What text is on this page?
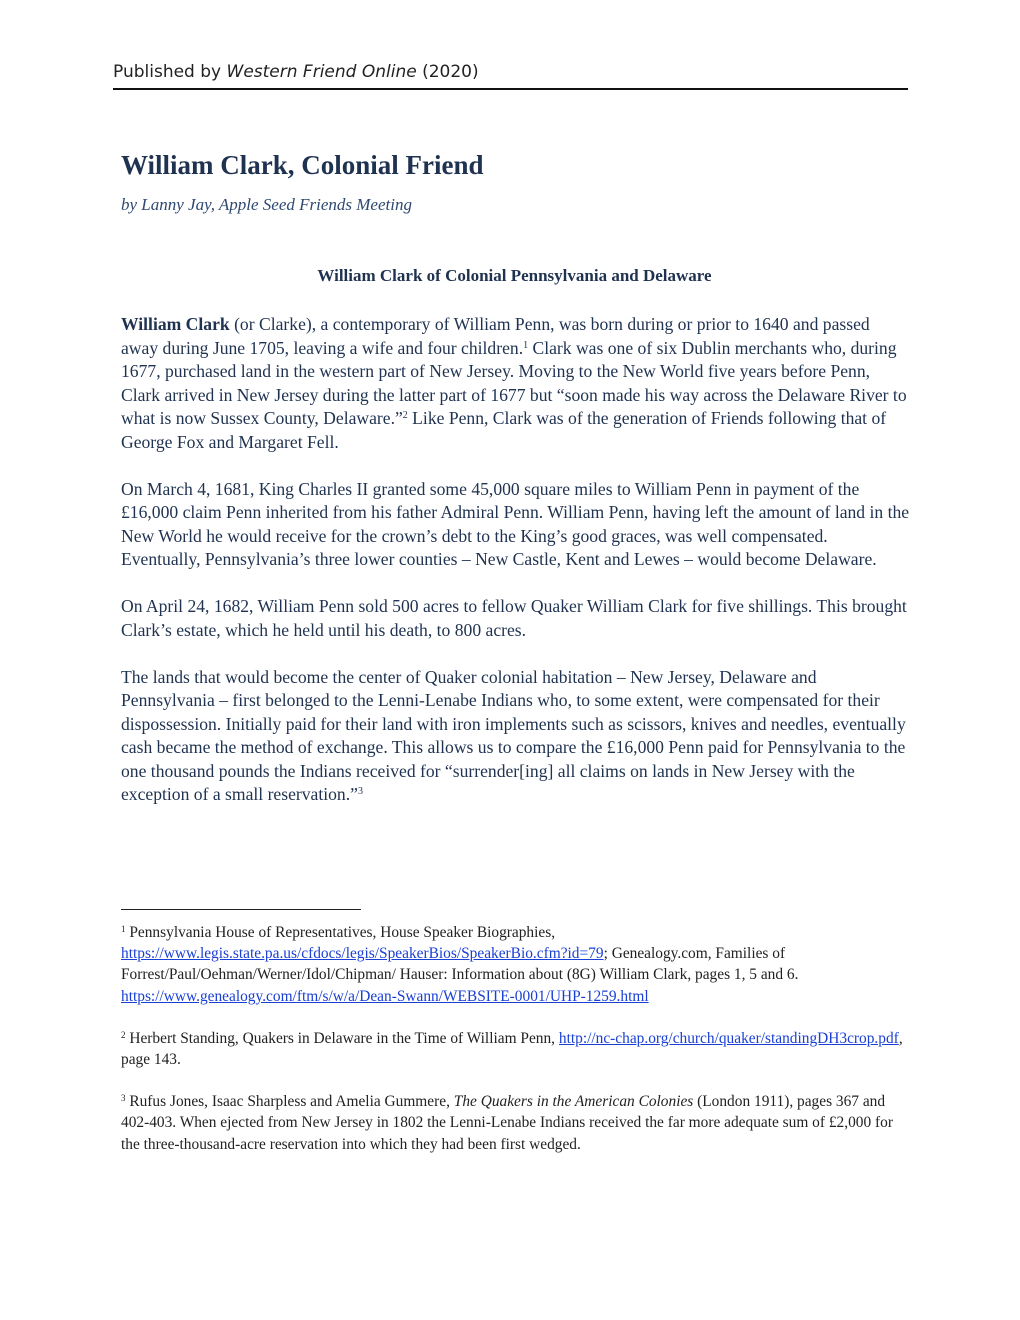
Published by Western Friend Online (2020)
William Clark, Colonial Friend

by Lanny Jay, Apple Seed Friends Meeting

William Clark of Colonial Pennsylvania and Delaware

William Clark (or Clarke), a contemporary of William Penn, was born during or prior to 1640 and passed away during June 1705, leaving a wife and four children.$^1$ Clark was one of six Dublin merchants who, during 1677, purchased land in the western part of New Jersey. Moving to the New World five years before Penn, Clark arrived in New Jersey during the latter part of 1677 but “soon made his way across the Delaware River to what is now Sussex County, Delaware.”$^2$ Like Penn, Clark was of the generation of Friends following that of George Fox and Margaret Fell.

On March 4, 1681, King Charles II granted some 45,000 square miles to William Penn in payment of the £16,000 claim Penn inherited from his father Admiral Penn. William Penn, having left the amount of land in the New World he would receive for the crown’s debt to the King’s good graces, was well compensated. Eventually, Pennsylvania’s three lower counties – New Castle, Kent and Lewes – would become Delaware.

On April 24, 1682, William Penn sold 500 acres to fellow Quaker William Clark for five shillings. This brought Clark’s estate, which he held until his death, to 800 acres.

The lands that would become the center of Quaker colonial habitation – New Jersey, Delaware and Pennsylvania – first belonged to the Lenni-Lenabe Indians who, to some extent, were compensated for their dispossession. Initially paid for their land with iron implements such as scissors, knives and needles, eventually cash became the method of exchange. This allows us to compare the £16,000 Penn paid for Pennsylvania to the one thousand pounds the Indians received for “surrender[ing] all claims on lands in New Jersey with the exception of a small reservation.”$^3$

$^1$ Pennsylvania House of Representatives, House Speaker Biographies, https://www.legis.state.pa.us/cfdocs/legis/SpeakerBios/SpeakerBio.cfm?id=79; Genealogy.com, Families of Forrest/Paul/Oehman/Werner/Idol/Chipman/ Hauser: Information about (8G) William Clark, pages 1, 5 and 6.
https://www.genealogy.com/ftm/s/w/a/Dean-Swann/WEBSITE-0001/UHP-1259.html

$^2$ Herbert Standing, Quakers in Delaware in the Time of William Penn, http://nc-chap.org/church/quaker/standingDH3crop.pdf, page 143.

$^3$ Rufus Jones, Isaac Sharpless and Amelia Gummere, The Quakers in the American Colonies (London 1911), pages 367 and 402-403. When ejected from New Jersey in 1802 the Lenni-Lenabe Indians received the far more adequate sum of £2,000 for the three-thousand-acre reservation into which they had been first wedged.
